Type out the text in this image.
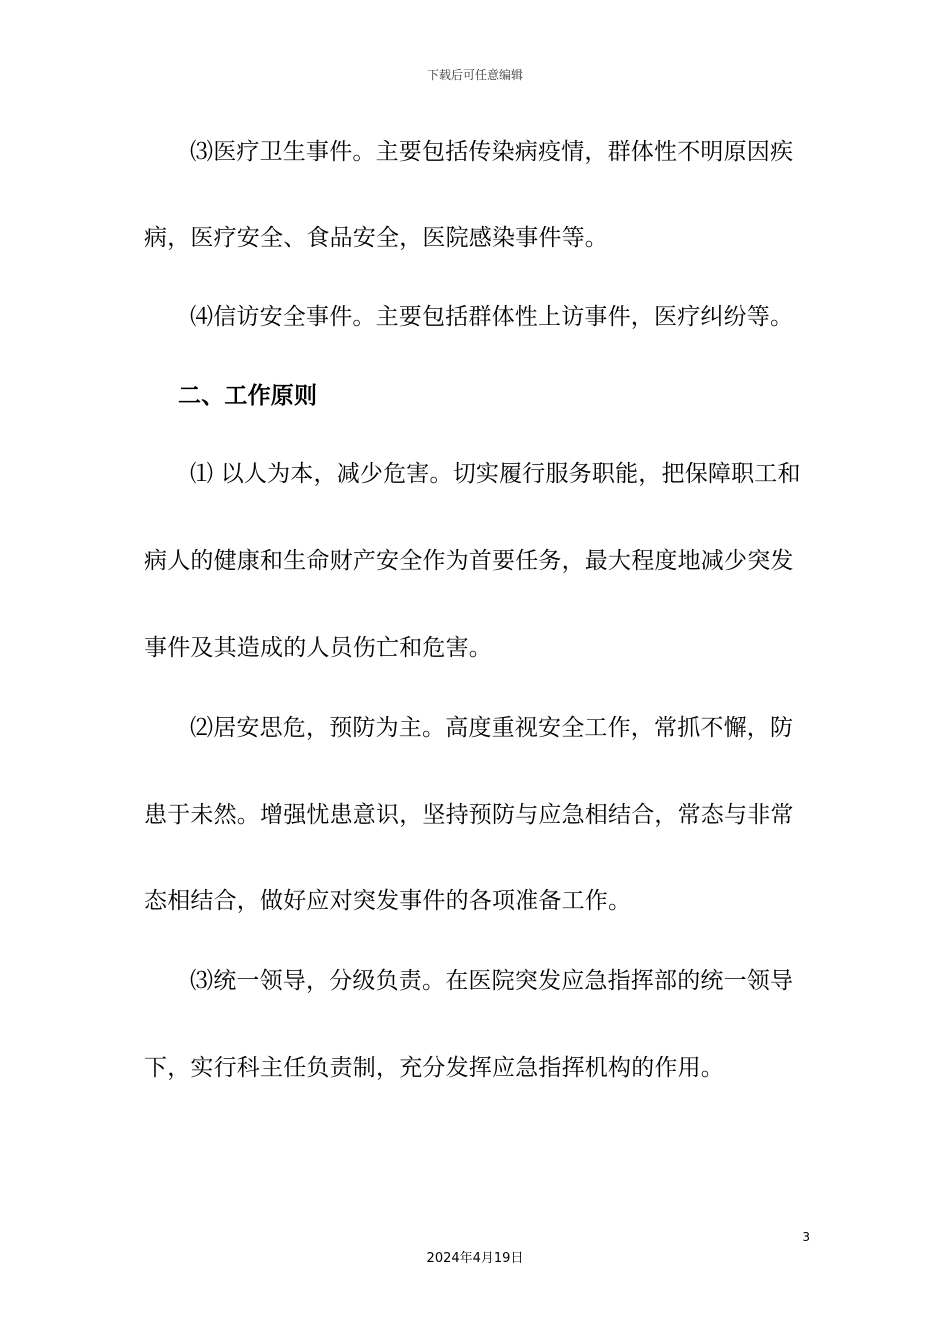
下载后可任意编辑
⑶医疗卫生事件。主要包括传染病疫情，群体性不明原因疾
病，医疗安全、食品安全，医院感染事件等。
⑷信访安全事件。主要包括群体性上访事件，医疗纠纷等。
二、工作原则
⑴ 以人为本，减少危害。切实履行服务职能，把保障职工和
病人的健康和生命财产安全作为首要任务，最大程度地减少突发
事件及其造成的人员伤亡和危害。
⑵居安思危，预防为主。高度重视安全工作，常抓不懈，防
患于未然。增强忧患意识，坚持预防与应急相结合，常态与非常
态相结合，做好应对突发事件的各项准备工作。
⑶统一领导，分级负责。在医院突发应急指挥部的统一领导
下，实行科主任负责制，充分发挥应急指挥机构的作用。
3
2024年4月19日
